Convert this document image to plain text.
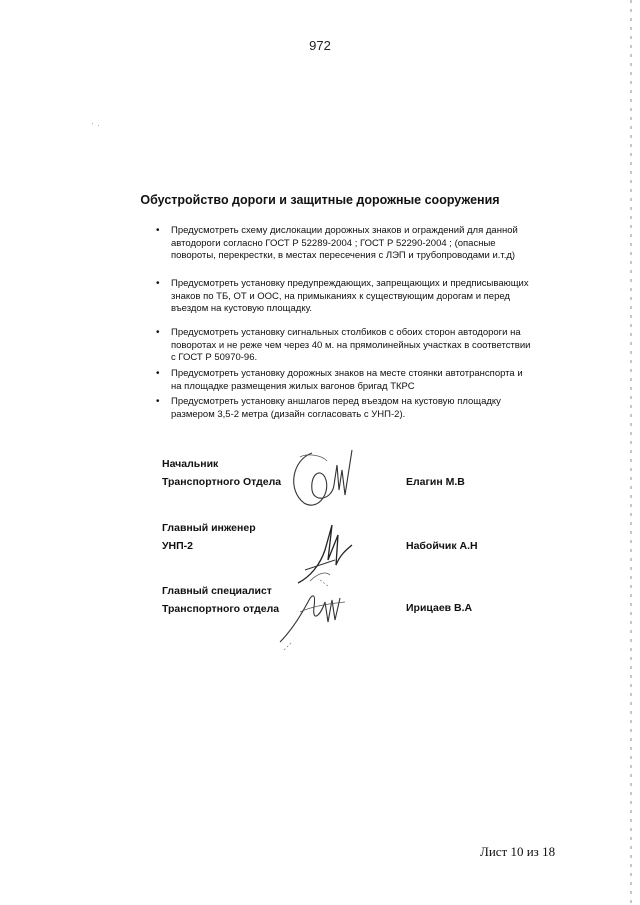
972
Обустройство дороги и защитные дорожные сооружения
• Предусмотреть схему дислокации дорожных знаков и ограждений для данной автодороги согласно ГОСТ Р 52289-2004 ; ГОСТ Р 52290-2004 ; (опасные повороты, перекрестки, в местах пересечения с ЛЭП и трубопроводами и.т.д)
• Предусмотреть установку предупреждающих, запрещающих и предписывающих знаков по ТБ, ОТ и ООС, на примыканиях к существующим дорогам и перед въездом на кустовую площадку.
• Предусмотреть установку сигнальных столбиков с обоих сторон автодороги на поворотах и не реже чем через 40 м. на прямолинейных участках в соответствии с ГОСТ Р 50970-96.
• Предусмотреть установку дорожных знаков на месте стоянки автотранспорта и на площадке размещения жилых вагонов бригад ТКРС
• Предусмотреть установку аншлагов перед въездом на кустовую площадку размером 3,5-2 метра (дизайн согласовать с УНП-2).
Начальник
Транспортного Отдела	Елагин М.В
Главный инженер
УНП-2	Набойчик А.Н
Главный специалист
Транспортного отдела	Ирицаев В.А
Лист 10 из 18
